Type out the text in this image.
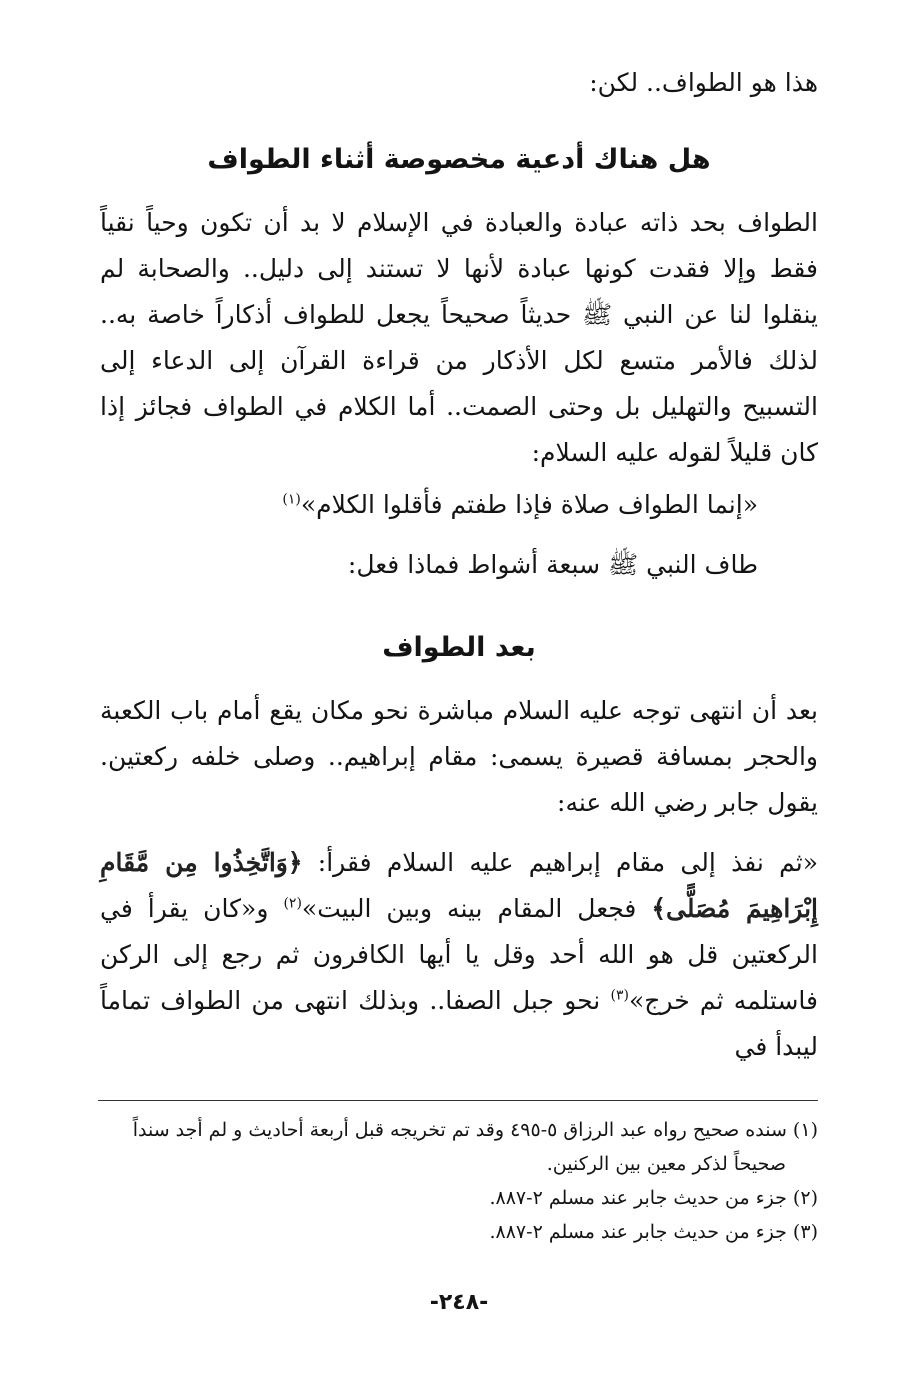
هذا هو الطواف.. لكن:
هل هناك أدعية مخصوصة أثناء الطواف
الطواف بحد ذاته عبادة والعبادة في الإسلام لا بد أن تكون وحياً نقياً فقط وإلا فقدت كونها عبادة لأنها لا تستند إلى دليل.. والصحابة لم ينقلوا لنا عن النبي ﷺ حديثاً صحيحاً يجعل للطواف أذكاراً خاصة به.. لذلك فالأمر متسع لكل الأذكار من قراءة القرآن إلى الدعاء إلى التسبيح والتهليل بل وحتى الصمت.. أما الكلام في الطواف فجائز إذا كان قليلاً لقوله عليه السلام:
«إنما الطواف صلاة فإذا طفتم فأقلوا الكلام»$^{(١)}$
طاف النبي ﷺ سبعة أشواط فماذا فعل:
بعد الطواف
بعد أن انتهى توجه عليه السلام مباشرة نحو مكان يقع أمام باب الكعبة والحجر بمسافة قصيرة يسمى: مقام إبراهيم.. وصلى خلفه ركعتين. يقول جابر رضي الله عنه:
«ثم نفذ إلى مقام إبراهيم عليه السلام فقرأ: ﴿وَاتَّخِذُوا مِن مَّقَامِ إِبْرَاهِيمَ مُصَلًّى﴾ فجعل المقام بينه وبين البيت»$^{(٢)}$ و«كان يقرأ في الركعتين قل هو الله أحد وقل يا أيها الكافرون ثم رجع إلى الركن فاستلمه ثم خرج»$^{(٣)}$ نحو جبل الصفا.. وبذلك انتهى من الطواف تماماً ليبدأ في
(١) سنده صحيح رواه عبد الرزاق ٥-٤٩٥ وقد تم تخريجه قبل أربعة أحاديث و لم أجد سنداً
صحيحاً لذكر معين بين الركنين.
(٢) جزء من حديث جابر عند مسلم ٢-٨٨٧.
(٣) جزء من حديث جابر عند مسلم ٢-٨٨٧.
-٢٤٨-
